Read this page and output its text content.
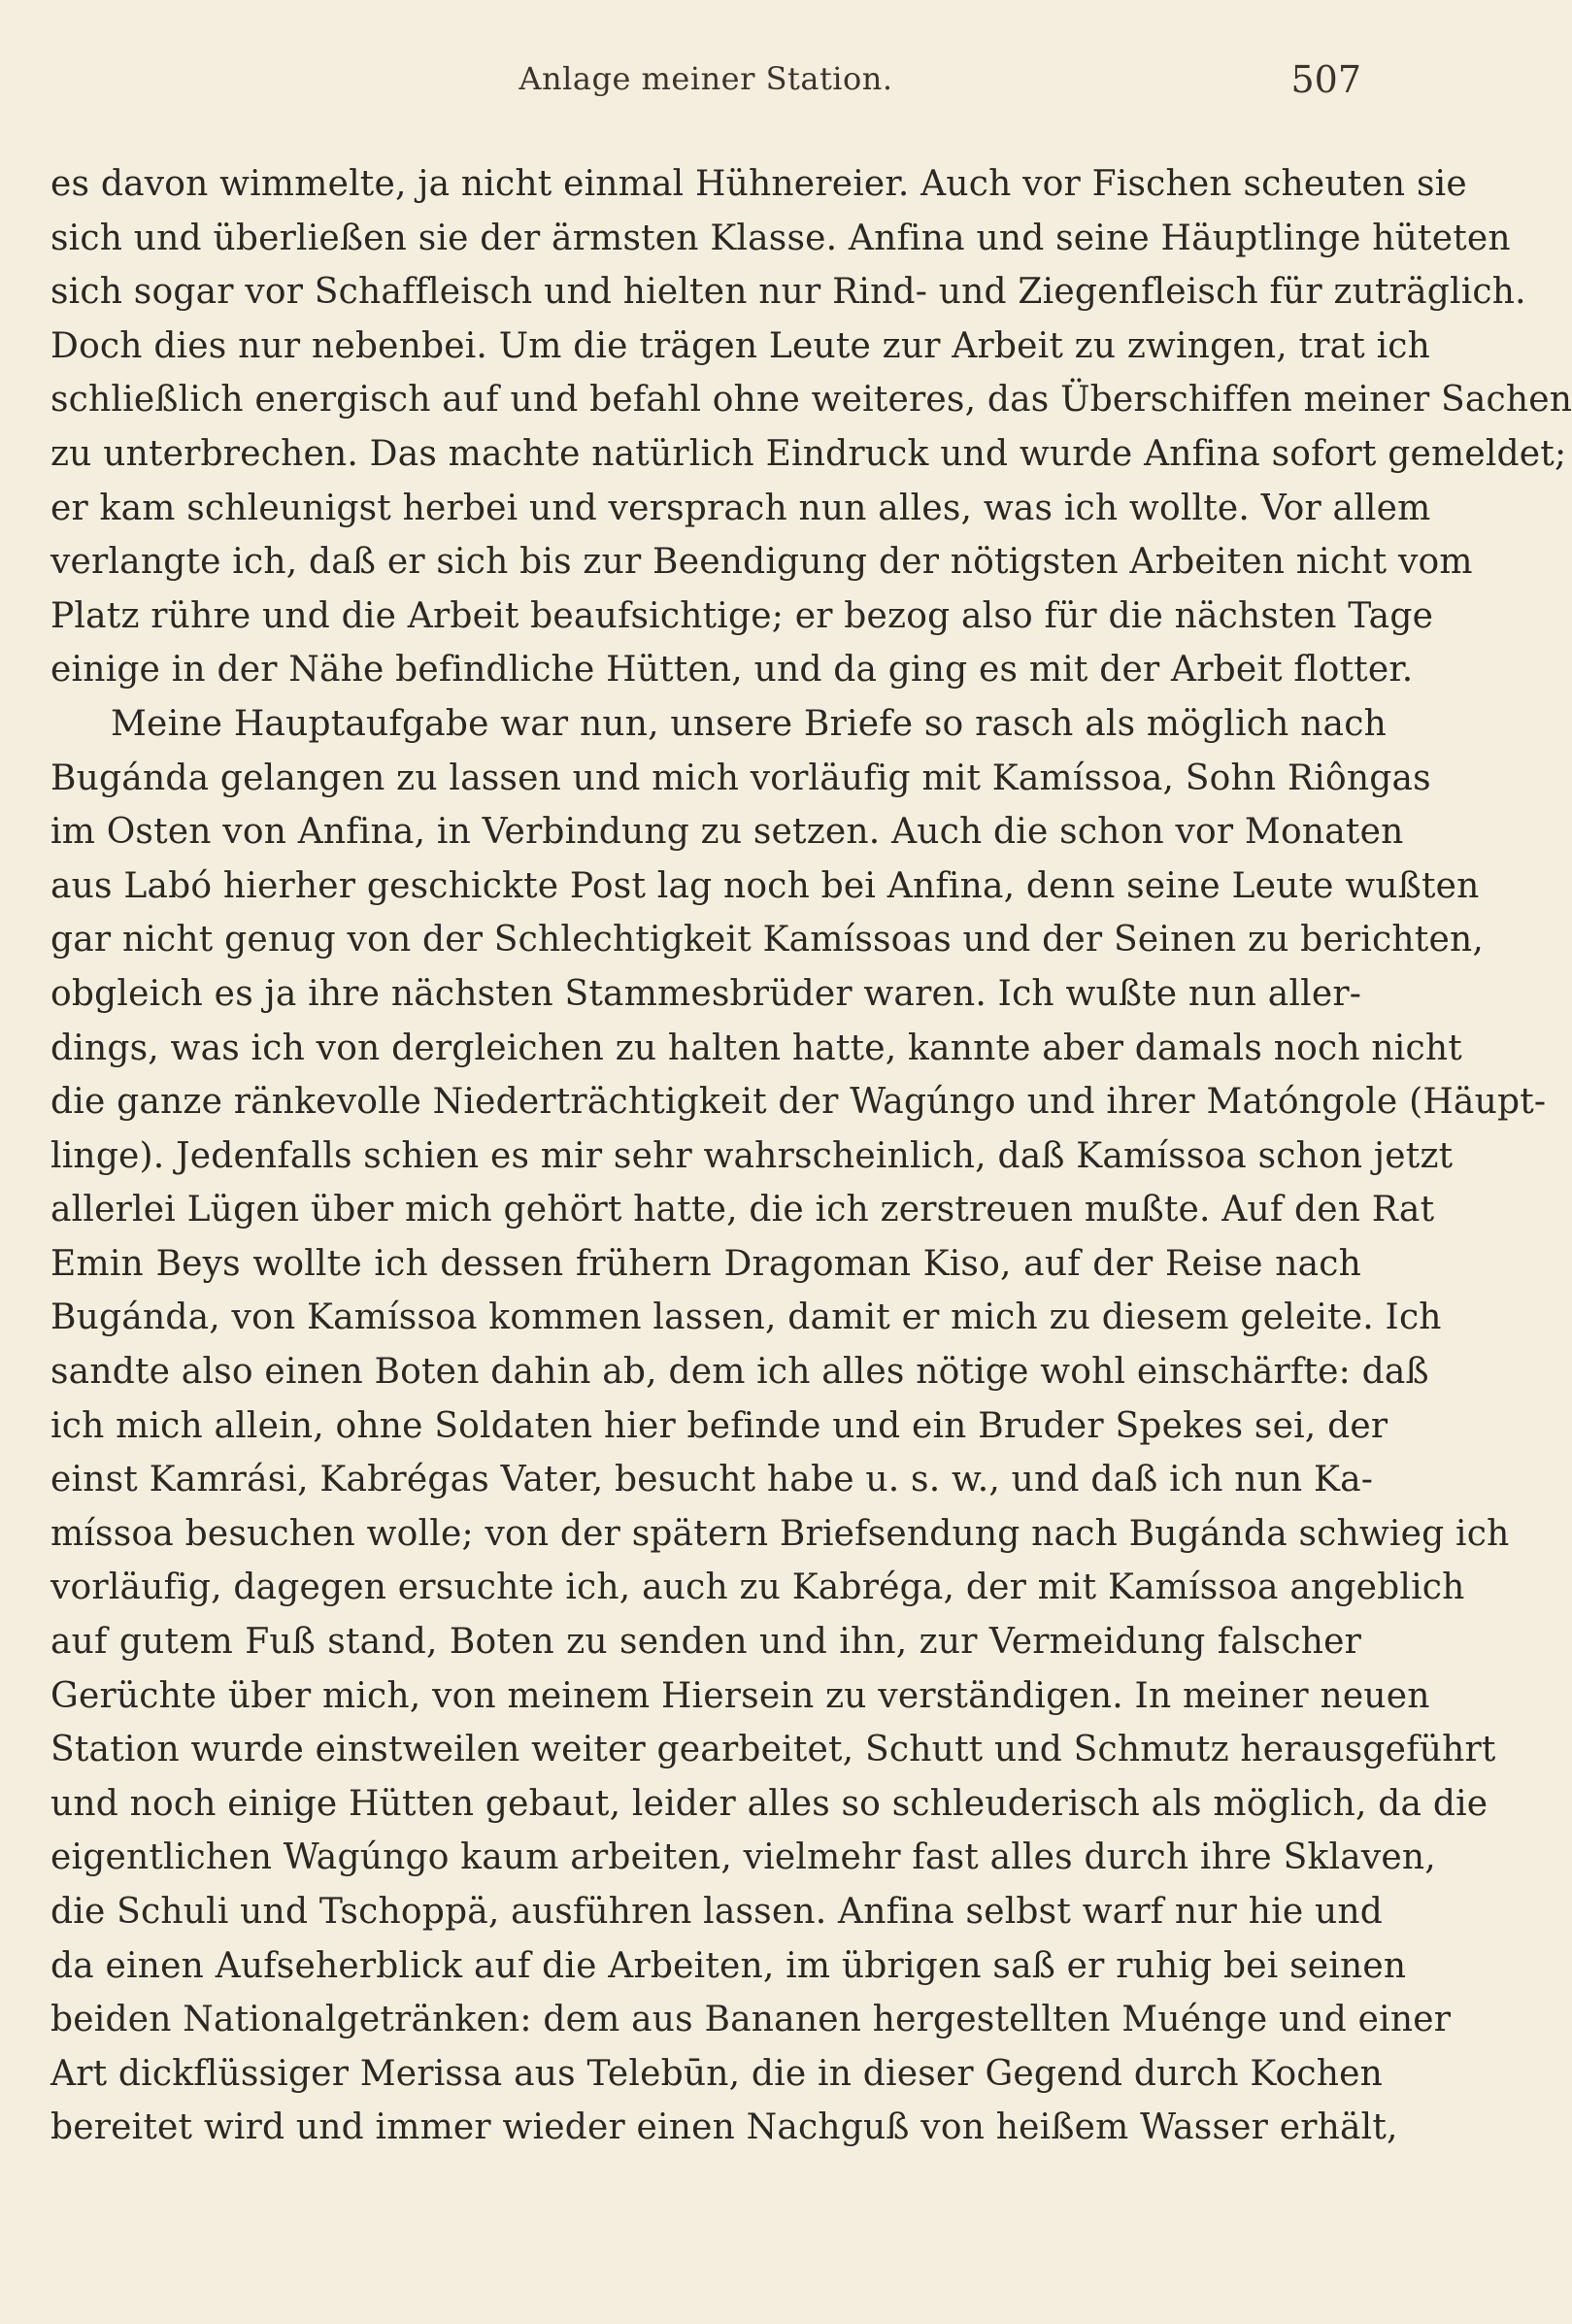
Anlage meiner Station.	507
es davon wimmelte, ja nicht einmal Hühnereier. Auch vor Fischen scheuten sie
sich und überließen sie der ärmsten Klasse. Anfina und seine Häuptlinge hüteten
sich sogar vor Schaffleisch und hielten nur Rind- und Ziegenfleisch für zuträglich.
Doch dies nur nebenbei. Um die trägen Leute zur Arbeit zu zwingen, trat ich
schließlich energisch auf und befahl ohne weiteres, das Überschiffen meiner Sachen
zu unterbrechen. Das machte natürlich Eindruck und wurde Anfina sofort gemeldet;
er kam schleunigst herbei und versprach nun alles, was ich wollte. Vor allem
verlangte ich, daß er sich bis zur Beendigung der nötigsten Arbeiten nicht vom
Platz rühre und die Arbeit beaufsichtige; er bezog also für die nächsten Tage
einige in der Nähe befindliche Hütten, und da ging es mit der Arbeit flotter.
Meine Hauptaufgabe war nun, unsere Briefe so rasch als möglich nach
Bugánda gelangen zu lassen und mich vorläufig mit Kamíssoa, Sohn Riôngas
im Osten von Anfina, in Verbindung zu setzen. Auch die schon vor Monaten
aus Labó hierher geschickte Post lag noch bei Anfina, denn seine Leute wußten
gar nicht genug von der Schlechtigkeit Kamíssoas und der Seinen zu berichten,
obgleich es ja ihre nächsten Stammesbrüder waren. Ich wußte nun aller-
dings, was ich von dergleichen zu halten hatte, kannte aber damals noch nicht
die ganze ränkevolle Niederträchtigkeit der Wagúngo und ihrer Matóngole (Häupt-
linge). Jedenfalls schien es mir sehr wahrscheinlich, daß Kamíssoa schon jetzt
allerlei Lügen über mich gehört hatte, die ich zerstreuen mußte. Auf den Rat
Emin Beys wollte ich dessen frühern Dragoman Kiso, auf der Reise nach
Bugánda, von Kamíssoa kommen lassen, damit er mich zu diesem geleite. Ich
sandte also einen Boten dahin ab, dem ich alles nötige wohl einschärfte: daß
ich mich allein, ohne Soldaten hier befinde und ein Bruder Spekes sei, der
einst Kamrási, Kabrégas Vater, besucht habe u. s. w., und daß ich nun Ka-
míssoa besuchen wolle; von der spätern Briefsendung nach Bugánda schwieg ich
vorläufig, dagegen ersuchte ich, auch zu Kabréga, der mit Kamíssoa angeblich
auf gutem Fuß stand, Boten zu senden und ihn, zur Vermeidung falscher
Gerüchte über mich, von meinem Hiersein zu verständigen. In meiner neuen
Station wurde einstweilen weiter gearbeitet, Schutt und Schmutz herausgeführt
und noch einige Hütten gebaut, leider alles so schleuderisch als möglich, da die
eigentlichen Wagúngo kaum arbeiten, vielmehr fast alles durch ihre Sklaven,
die Schuli und Tschoppä, ausführen lassen. Anfina selbst warf nur hie und
da einen Aufseherblick auf die Arbeiten, im übrigen saß er ruhig bei seinen
beiden Nationalgetränken: dem aus Bananen hergestellten Muénge und einer
Art dickflüssiger Merissa aus Telebūn, die in dieser Gegend durch Kochen
bereitet wird und immer wieder einen Nachguß von heißem Wasser erhält,
